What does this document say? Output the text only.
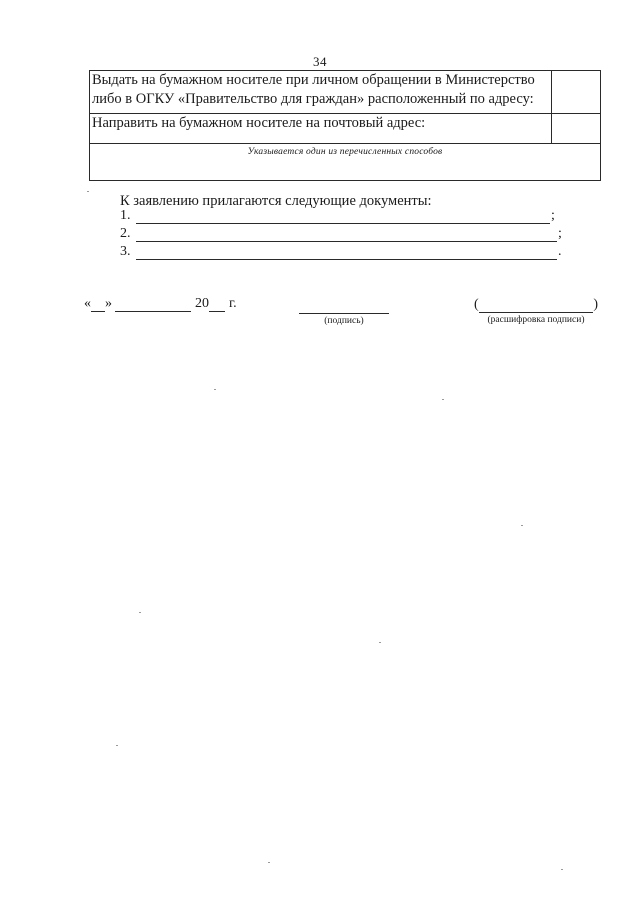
34
Выдать на бумажном носителе при личном обращении в Министерство либо в ОГКУ «Правительство для граждан» расположенный по адресу:	
Направить на бумажном носителе на почтовый адрес:	
Указывается один из перечисленных способов	
К заявлению прилагаются следующие документы:
1.	;
2.	;
3.	.
« »	20 г.
(подпись)
(	)
(расшифровка подписи)
